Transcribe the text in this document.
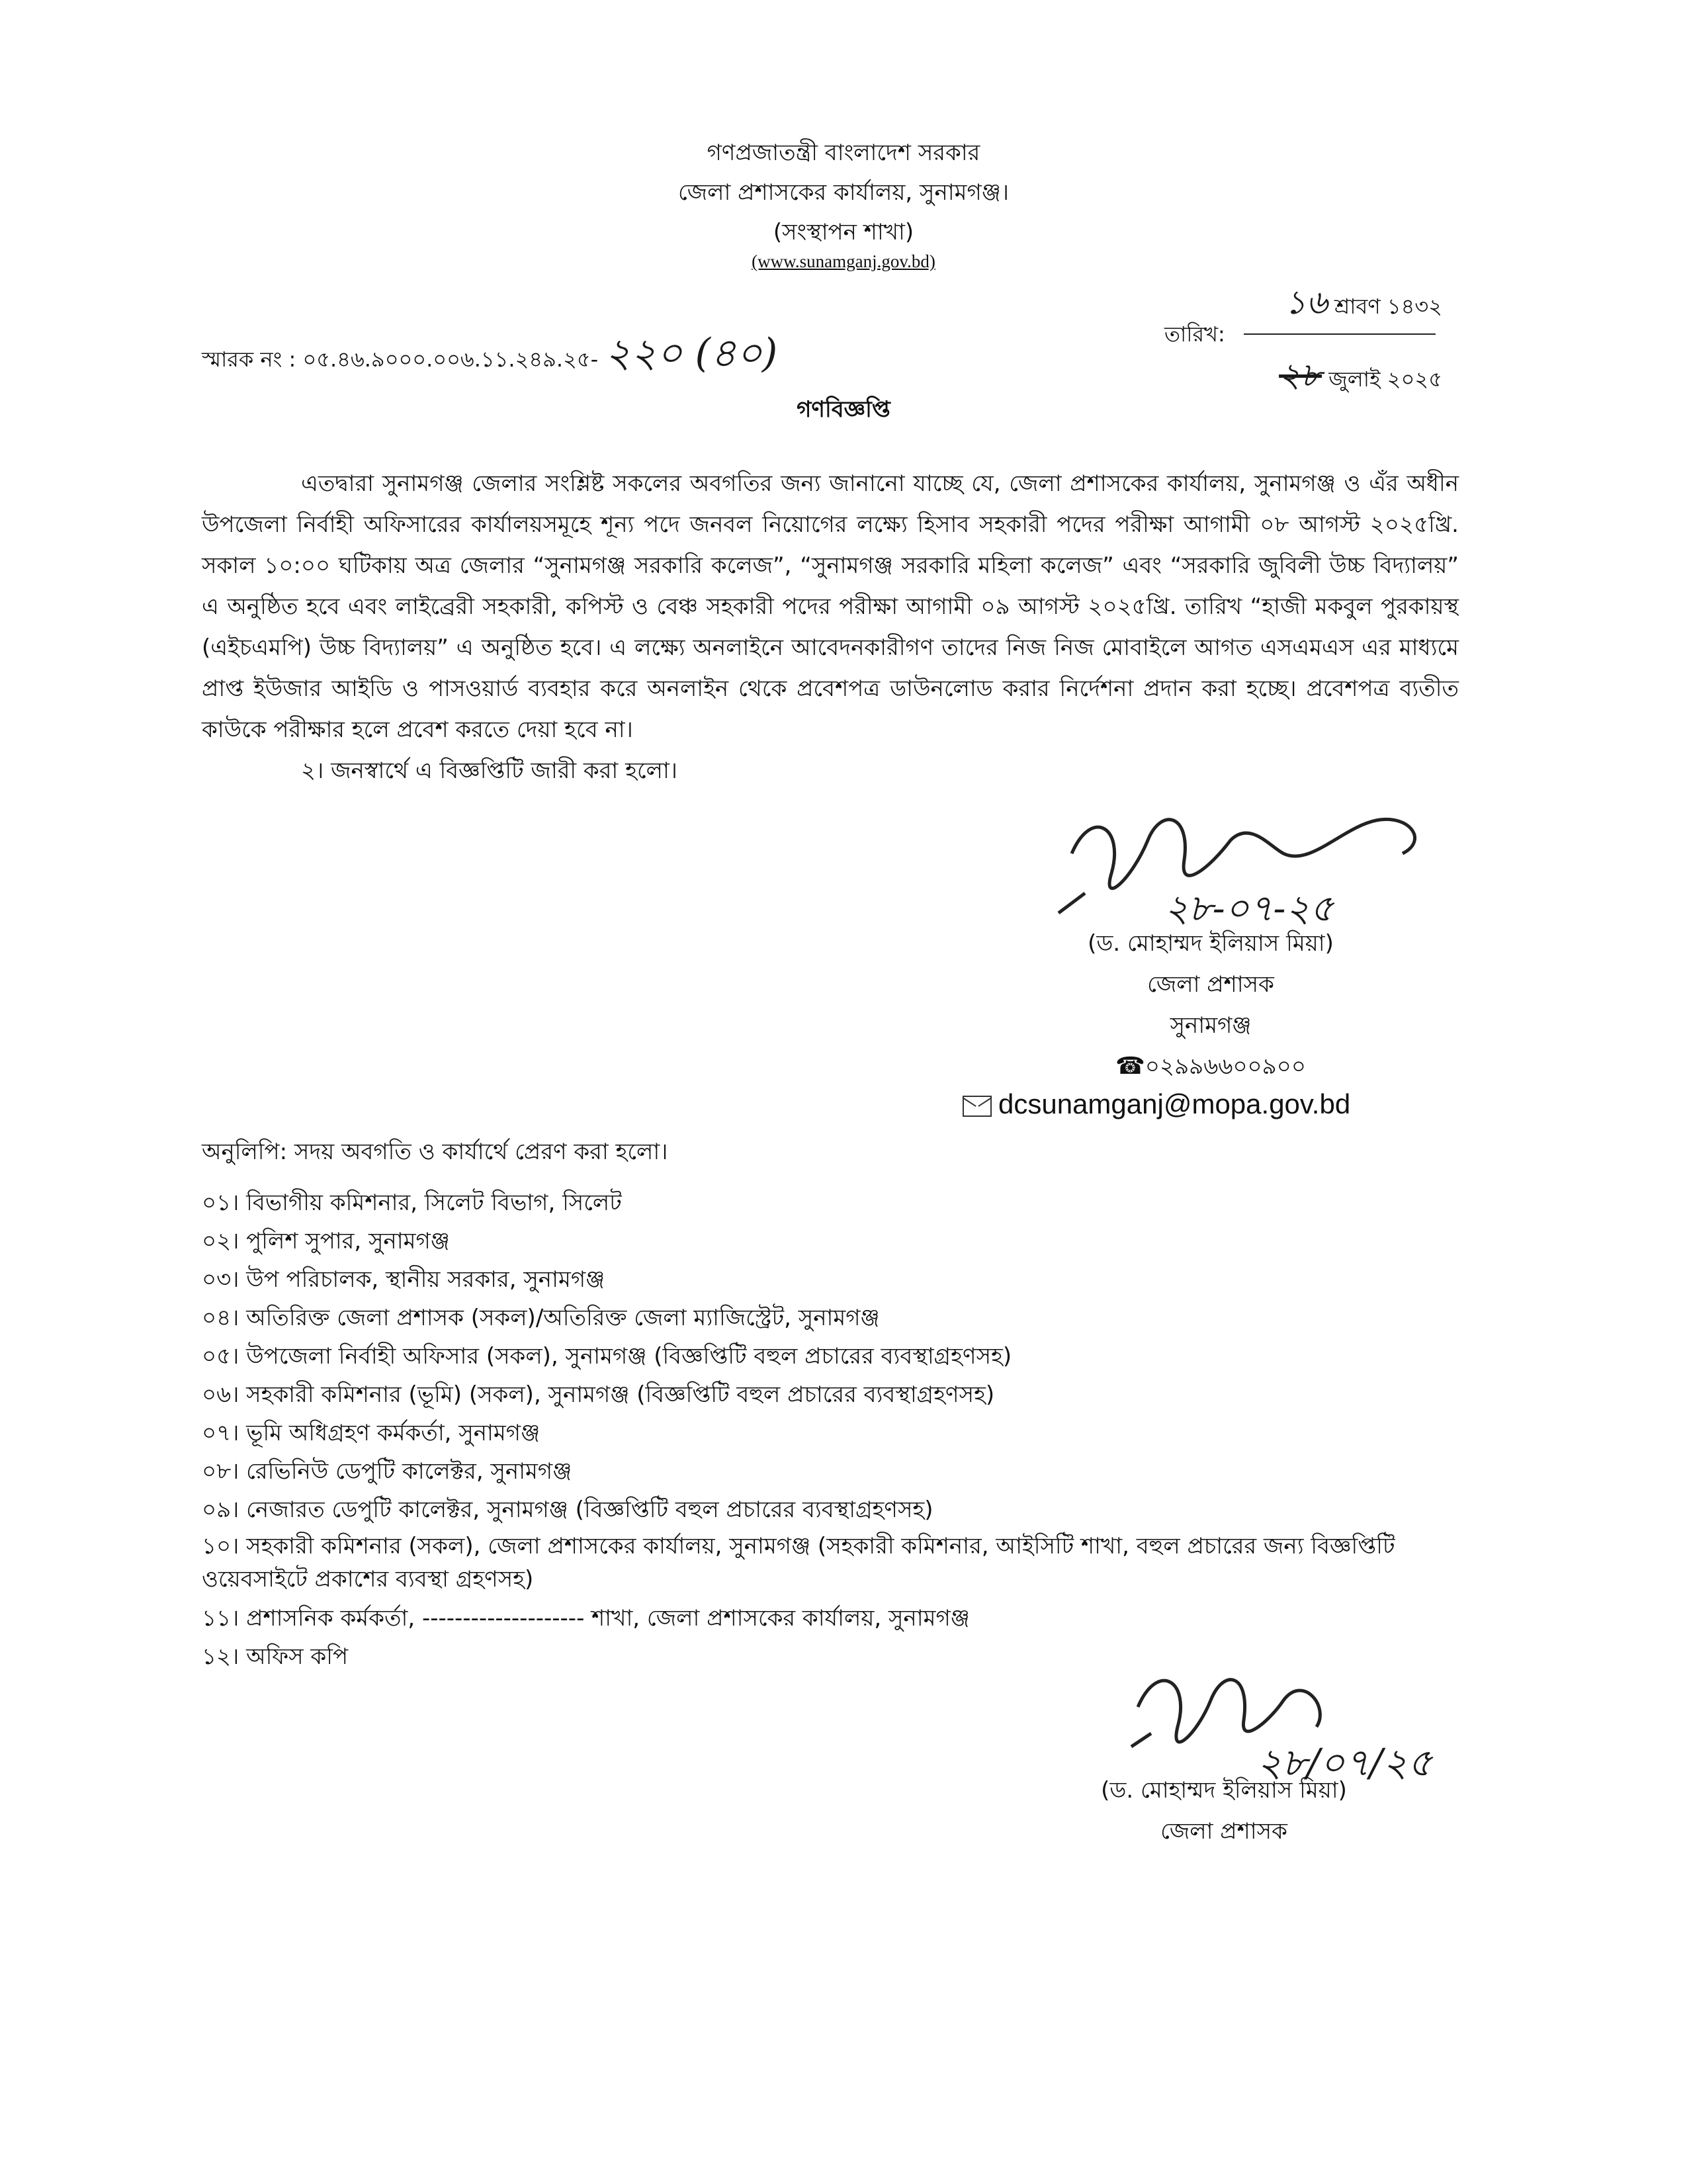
গণপ্রজাতন্ত্রী বাংলাদেশ সরকার
জেলা প্রশাসকের কার্যালয়, সুনামগঞ্জ।
(সংস্থাপন শাখা)
(www.sunamganj.gov.bd)
স্মারক নং : ০৫.৪৬.৯০০০.০০৬.১১.২৪৯.২৫- ২২০ (৪০)
১৬ শ্রাবণ ১৪৩২
তারিখ:
২৮ জুলাই ২০২৫
গণবিজ্ঞপ্তি

এতদ্বারা সুনামগঞ্জ জেলার সংশ্লিষ্ট সকলের অবগতির জন্য জানানো যাচ্ছে যে, জেলা প্রশাসকের কার্যালয়, সুনামগঞ্জ ও এঁর অধীন উপজেলা নির্বাহী অফিসারের কার্যালয়সমূহে শূন্য পদে জনবল নিয়োগের লক্ষ্যে হিসাব সহকারী পদের পরীক্ষা আগামী ০৮ আগস্ট ২০২৫খ্রি. সকাল ১০:০০ ঘটিকায় অত্র জেলার “সুনামগঞ্জ সরকারি কলেজ”, “সুনামগঞ্জ সরকারি মহিলা কলেজ” এবং “সরকারি জুবিলী উচ্চ বিদ্যালয়” এ অনুষ্ঠিত হবে এবং লাইব্রেরী সহকারী, কপিস্ট ও বেঞ্চ সহকারী পদের পরীক্ষা আগামী ০৯ আগস্ট ২০২৫খ্রি. তারিখ “হাজী মকবুল পুরকায়স্থ (এইচএমপি) উচ্চ বিদ্যালয়” এ অনুষ্ঠিত হবে। এ লক্ষ্যে অনলাইনে আবেদনকারীগণ তাদের নিজ নিজ মোবাইলে আগত এসএমএস এর মাধ্যমে প্রাপ্ত ইউজার আইডি ও পাসওয়ার্ড ব্যবহার করে অনলাইন থেকে প্রবেশপত্র ডাউনলোড করার নির্দেশনা প্রদান করা হচ্ছে। প্রবেশপত্র ব্যতীত কাউকে পরীক্ষার হলে প্রবেশ করতে দেয়া হবে না।

২। জনস্বার্থে এ বিজ্ঞপ্তিটি জারী করা হলো।

২৮-০৭-২৫
(ড. মোহাম্মদ ইলিয়াস মিয়া)
জেলা প্রশাসক
সুনামগঞ্জ
☎০২৯৯৬৬০০৯০০
dcsunamganj@mopa.gov.bd
অনুলিপি: সদয় অবগতি ও কার্যার্থে প্রেরণ করা হলো।
০১। বিভাগীয় কমিশনার, সিলেট বিভাগ, সিলেট
০২। পুলিশ সুপার, সুনামগঞ্জ
০৩। উপ পরিচালক, স্থানীয় সরকার, সুনামগঞ্জ
০৪। অতিরিক্ত জেলা প্রশাসক (সকল)/অতিরিক্ত জেলা ম্যাজিস্ট্রেট, সুনামগঞ্জ
০৫। উপজেলা নির্বাহী অফিসার (সকল), সুনামগঞ্জ (বিজ্ঞপ্তিটি বহুল প্রচারের ব্যবস্থাগ্রহণসহ)
০৬। সহকারী কমিশনার (ভূমি) (সকল), সুনামগঞ্জ (বিজ্ঞপ্তিটি বহুল প্রচারের ব্যবস্থাগ্রহণসহ)
০৭। ভূমি অধিগ্রহণ কর্মকর্তা, সুনামগঞ্জ
০৮। রেভিনিউ ডেপুটি কালেক্টর, সুনামগঞ্জ
০৯। নেজারত ডেপুটি কালেক্টর, সুনামগঞ্জ (বিজ্ঞপ্তিটি বহুল প্রচারের ব্যবস্থাগ্রহণসহ)
১০। সহকারী কমিশনার (সকল), জেলা প্রশাসকের কার্যালয়, সুনামগঞ্জ (সহকারী কমিশনার, আইসিটি শাখা, বহুল প্রচারের জন্য বিজ্ঞপ্তিটি ওয়েবসাইটে প্রকাশের ব্যবস্থা গ্রহণসহ)
১১। প্রশাসনিক কর্মকর্তা, -------------------- শাখা, জেলা প্রশাসকের কার্যালয়, সুনামগঞ্জ
১২। অফিস কপি
২৮/০৭/২৫
(ড. মোহাম্মদ ইলিয়াস মিয়া)
জেলা প্রশাসক
